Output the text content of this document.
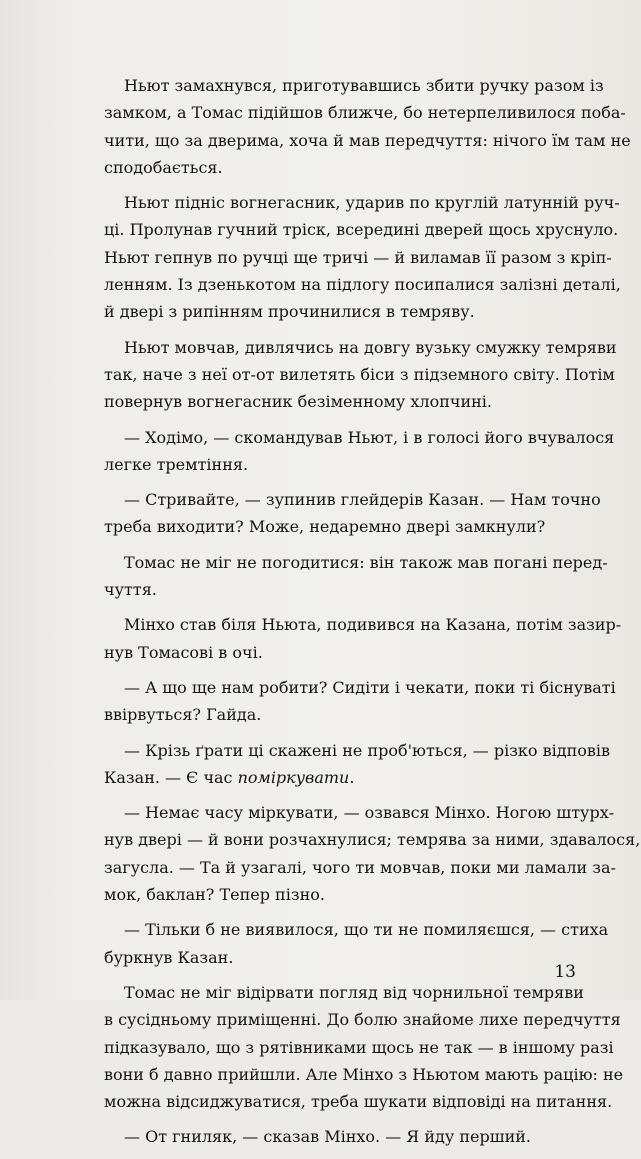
Ньют замахнувся, приготувавшись збити ручку разом із
замком, а Томас підійшов ближче, бо нетерпеливилося поба-
чити, що за дверима, хоча й мав передчуття: нічого їм там не
сподобається.
Ньют підніс вогнегасник, ударив по круглій латунній руч-
ці. Пролунав гучний тріск, всередині дверей щось хруснуло.
Ньют гепнув по ручці ще тричі — й виламав її разом з кріп-
ленням. Із дзенькотом на підлогу посипалися залізні деталі,
й двері з рипінням прочинилися в темряву.
Ньют мовчав, дивлячись на довгу вузьку смужку темряви
так, наче з неї от-от вилетять біси з підземного світу. Потім
повернув вогнегасник безіменному хлопчині.
— Ходімо, — скомандував Ньют, і в голосі його вчувалося
легке тремтіння.
— Стривайте, — зупинив глейдерів Казан. — Нам точно
треба виходити? Може, недаремно двері замкнули?
Томас не міг не погодитися: він також мав погані перед-
чуття.
Мінхо став біля Ньюта, подивився на Казана, потім зазир-
нув Томасові в очі.
— А що ще нам робити? Сидіти і чекати, поки ті біснуваті
ввірвуться? Гайда.
— Крізь ґрати ці скажені не проб'ються, — різко відповів
Казан. — Є час поміркувати.
— Немає часу міркувати, — озвався Мінхо. Ногою штурх-
нув двері — й вони розчахнулися; темрява за ними, здавалося,
загусла. — Та й узагалі, чого ти мовчав, поки ми ламали за-
мок, баклан? Тепер пізно.
— Тільки б не виявилося, що ти не помиляєшся, — стиха
буркнув Казан.
Томас не міг відірвати погляд від чорнильної темряви
в сусідньому приміщенні. До болю знайоме лихе передчуття
підказувало, що з рятівниками щось не так — в іншому разі
вони б давно прийшли. Але Мінхо з Ньютом мають рацію: не
можна відсиджуватися, треба шукати відповіді на питання.
— От гниляк, — сказав Мінхо. — Я йду перший.
13
